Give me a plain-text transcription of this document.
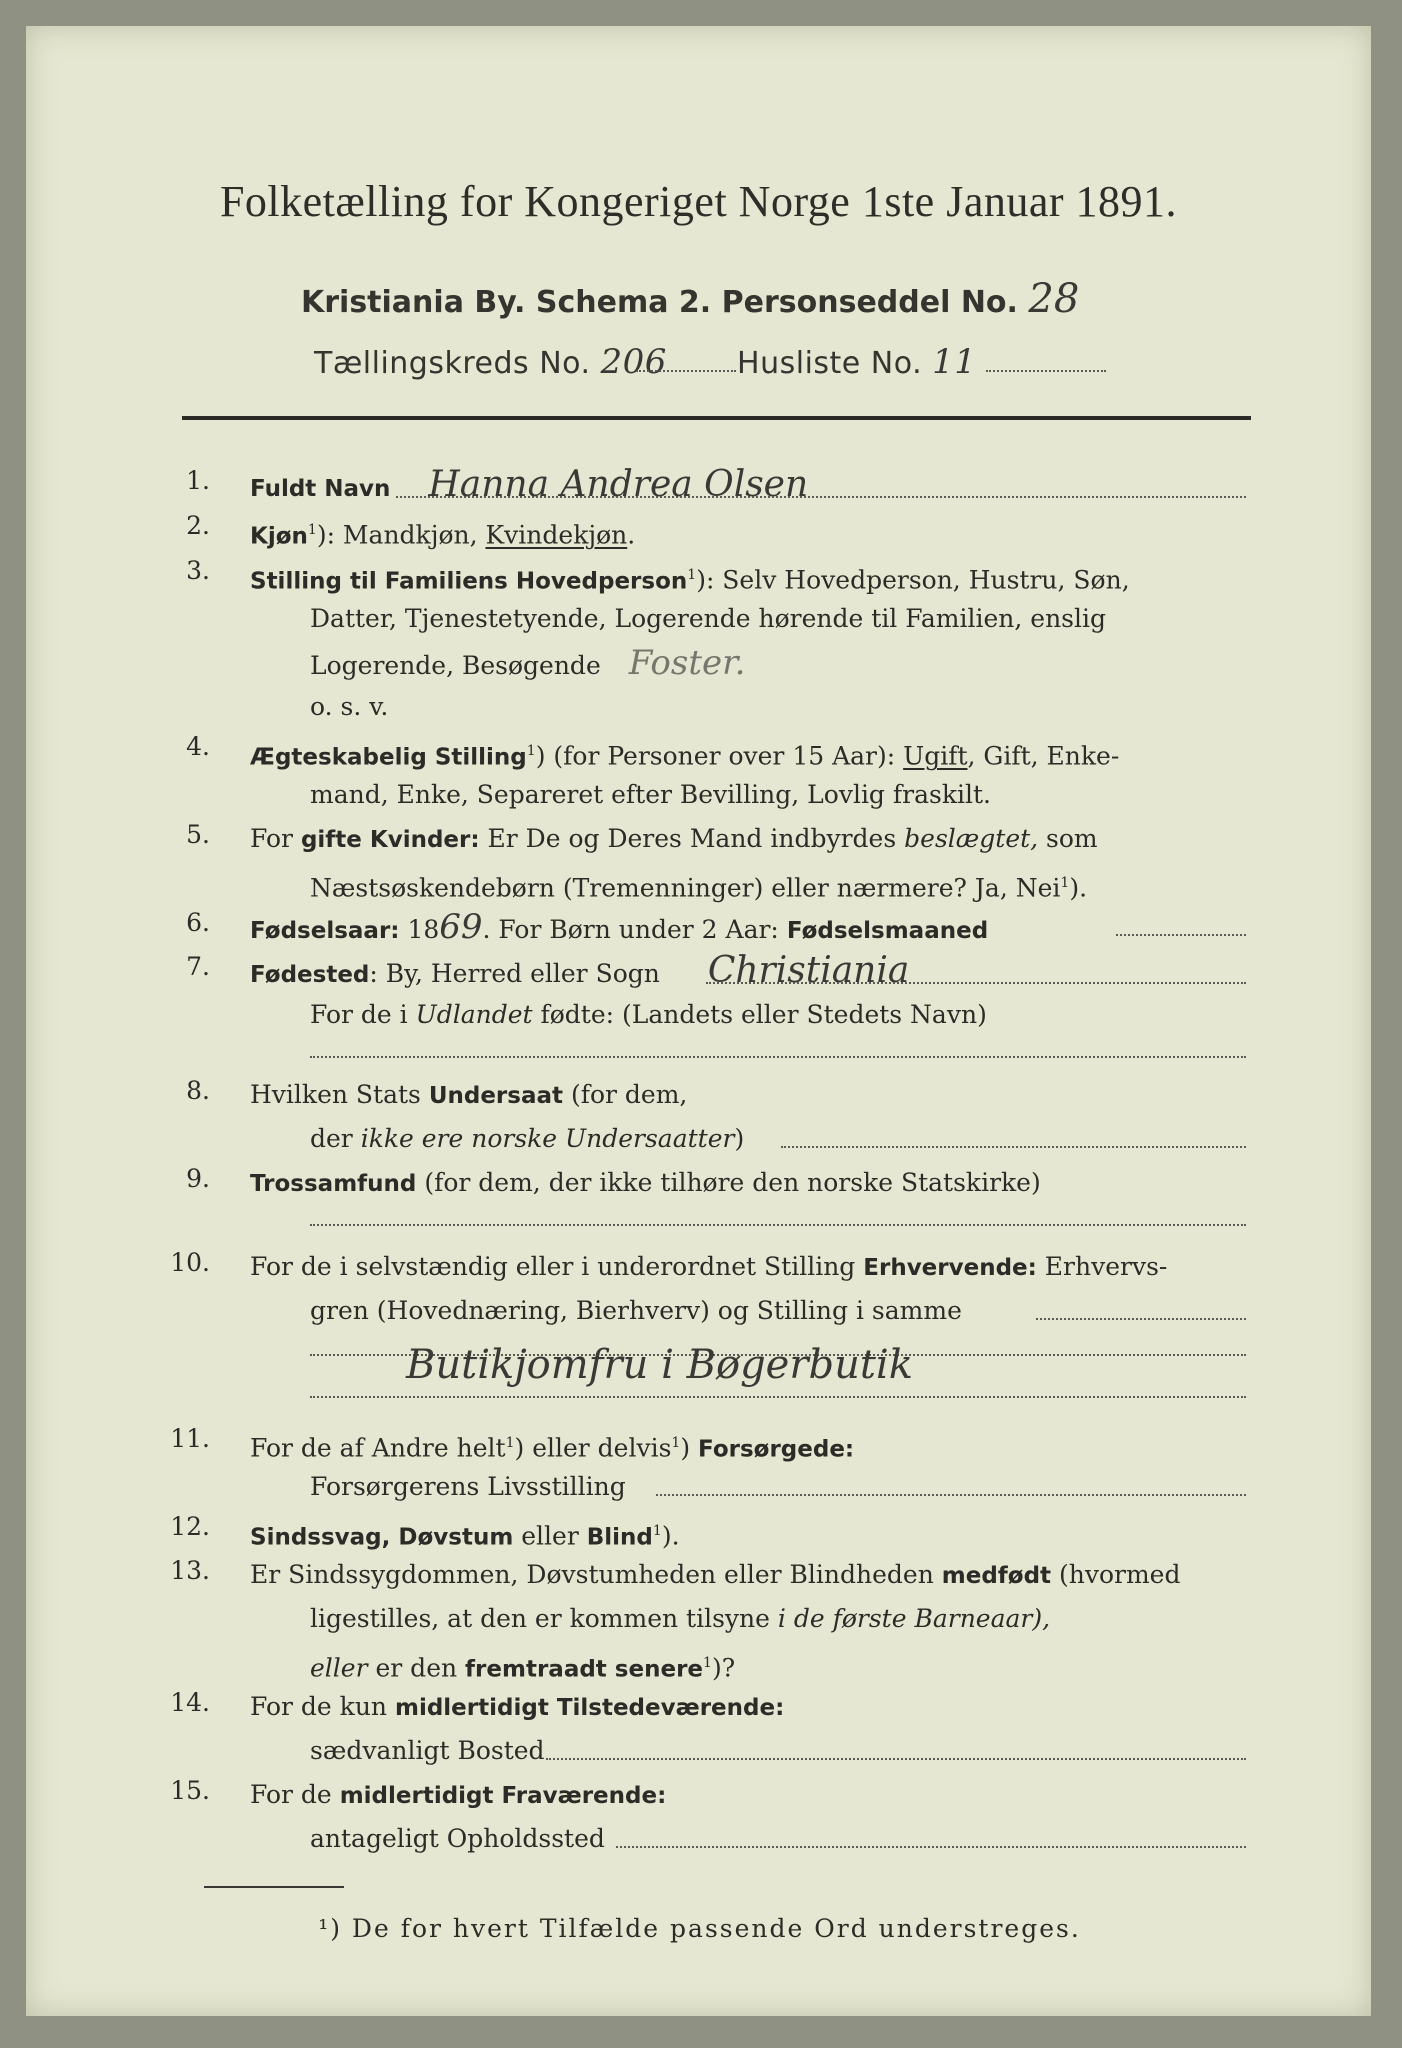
Folketælling for Kongeriget Norge 1ste Januar 1891.
Kristiania By. Schema 2. Personseddel No. 28
Tællingskreds No. 206 Husliste No. 11
1. Fuldt Navn Hanna Andrea Olsen
2. Kjøn$^1$): Mandkjøn, Kvindekjøn.
3. Stilling til Familiens Hovedperson$^1$): Selv Hovedperson, Hustru, Søn,
Datter, Tjenestetyende, Logerende hørende til Familien, enslig
Logerende, Besøgende Foster.
o. s. v.
4. Ægteskabelig Stilling$^1$) (for Personer over 15 Aar): Ugift, Gift, Enke-
mand, Enke, Separeret efter Bevilling, Lovlig fraskilt.
5. For gifte Kvinder: Er De og Deres Mand indbyrdes beslægtet, som
Næstsøskendebørn (Tremenninger) eller nærmere? Ja, Nei$^1$).
6. Fødselsaar: 1869. For Børn under 2 Aar: Fødselsmaaned
7. Fødested: By, Herred eller Sogn Christiania
For de i Udlandet fødte: (Landets eller Stedets Navn)
8. Hvilken Stats Undersaat (for dem,
der ikke ere norske Undersaatter)
9. Trossamfund (for dem, der ikke tilhøre den norske Statskirke)
10. For de i selvstændig eller i underordnet Stilling Erhvervende: Erhvervs-
gren (Hovednæring, Bierhverv) og Stilling i samme
Butikjomfru i Bøgerbutik
11. For de af Andre helt$^1$) eller delvis$^1$) Forsørgede:
Forsørgerens Livsstilling
12. Sindssvag, Døvstum eller Blind$^1$).
13. Er Sindssygdommen, Døvstumheden eller Blindheden medfødt (hvormed
ligestilles, at den er kommen tilsyne i de første Barneaar),
eller er den fremtraadt senere$^1$)?
14. For de kun midlertidigt Tilstedeværende:
sædvanligt Bosted
15. For de midlertidigt Fraværende:
antageligt Opholdssted
¹) De for hvert Tilfælde passende Ord understreges.
